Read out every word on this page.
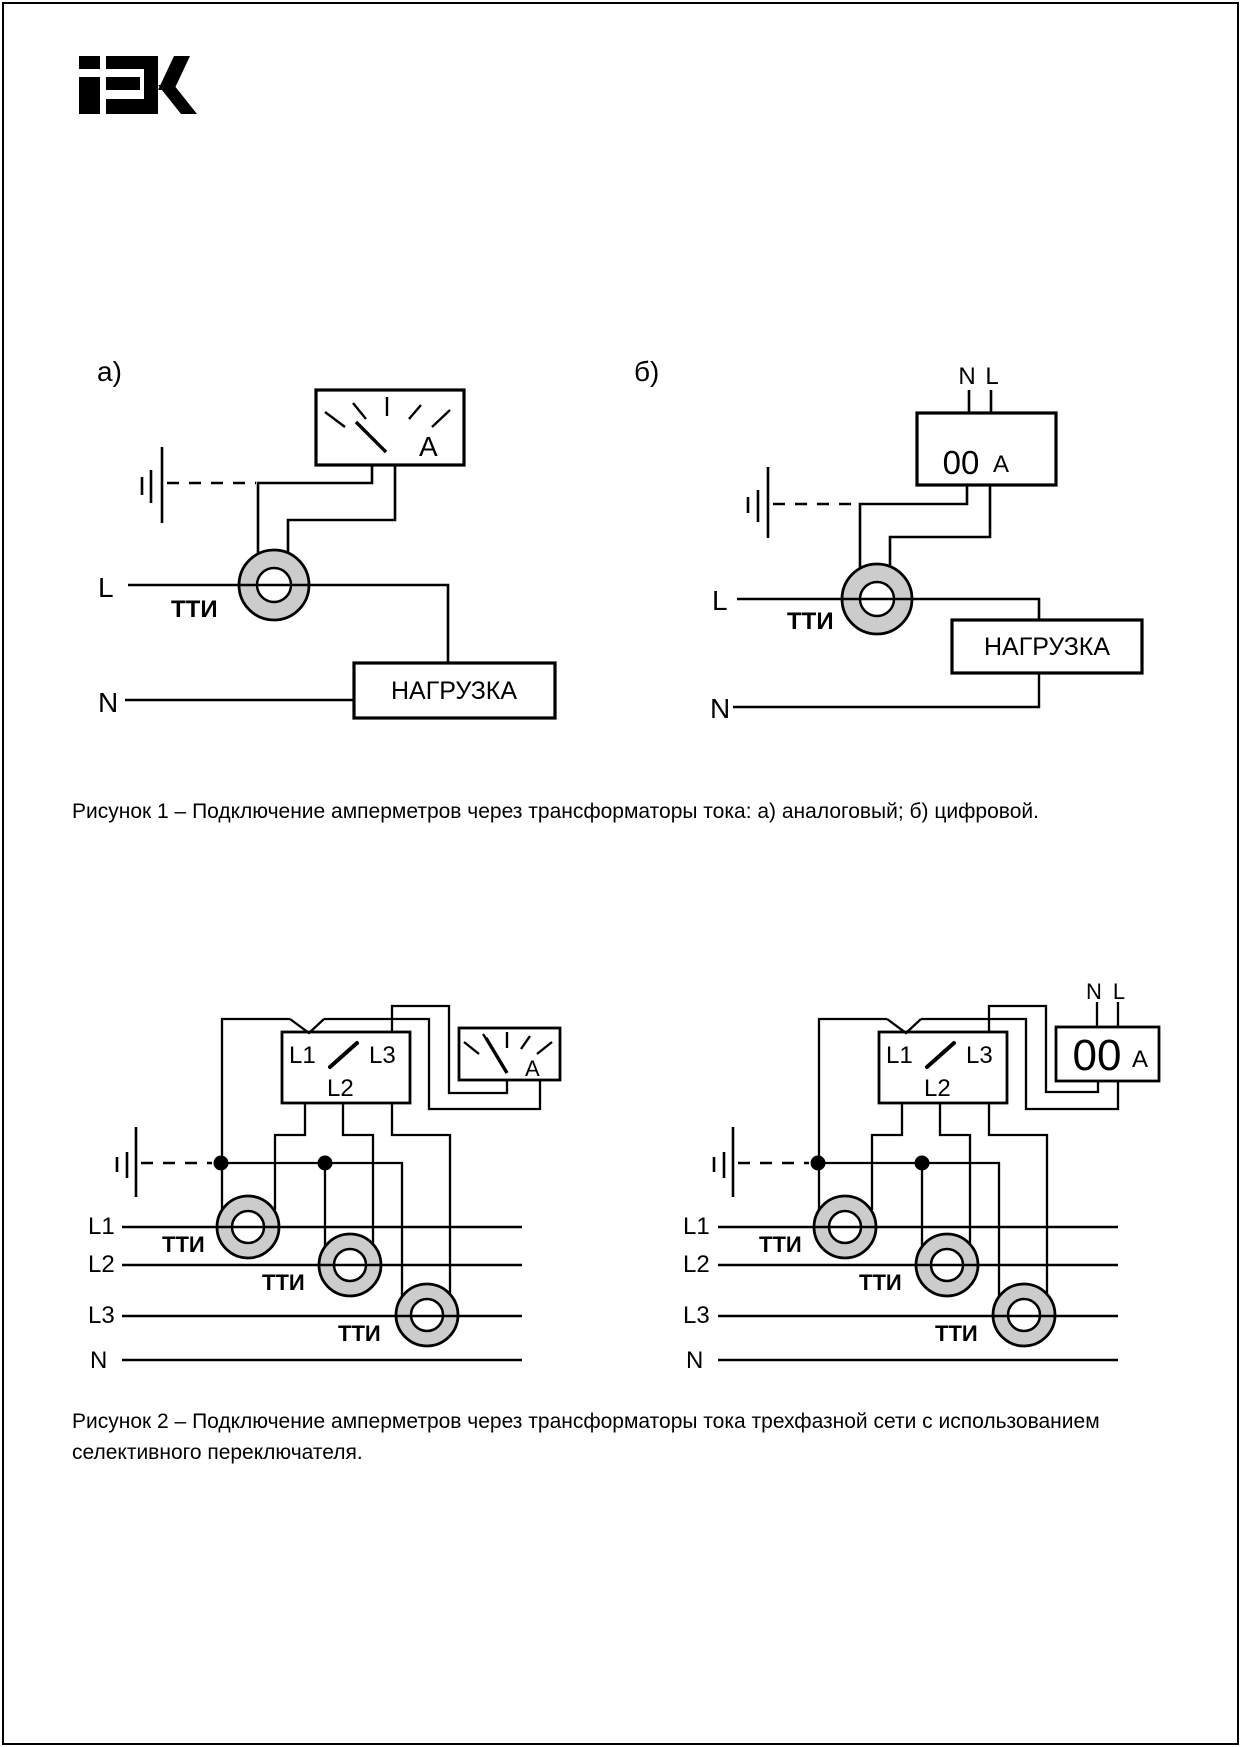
а)
А
НАГРУЗКА
L
N
ТТИ
б)	N L
00 А
НАГРУЗКА
L
N
ТТИ
L1 L3
L2
А
L1
L2
L3
N
ТТИ
ТТИ
ТТИ
L1 L3
L2
N L
00 А
L1
L2
L3
N
ТТИ
ТТИ
ТТИ
Рисунок 1 – Подключение амперметров через трансформаторы тока: а) аналоговый; б) цифровой.
Рисунок 2 – Подключение амперметров через трансформаторы тока трехфазной сети с использованием
селективного переключателя.
